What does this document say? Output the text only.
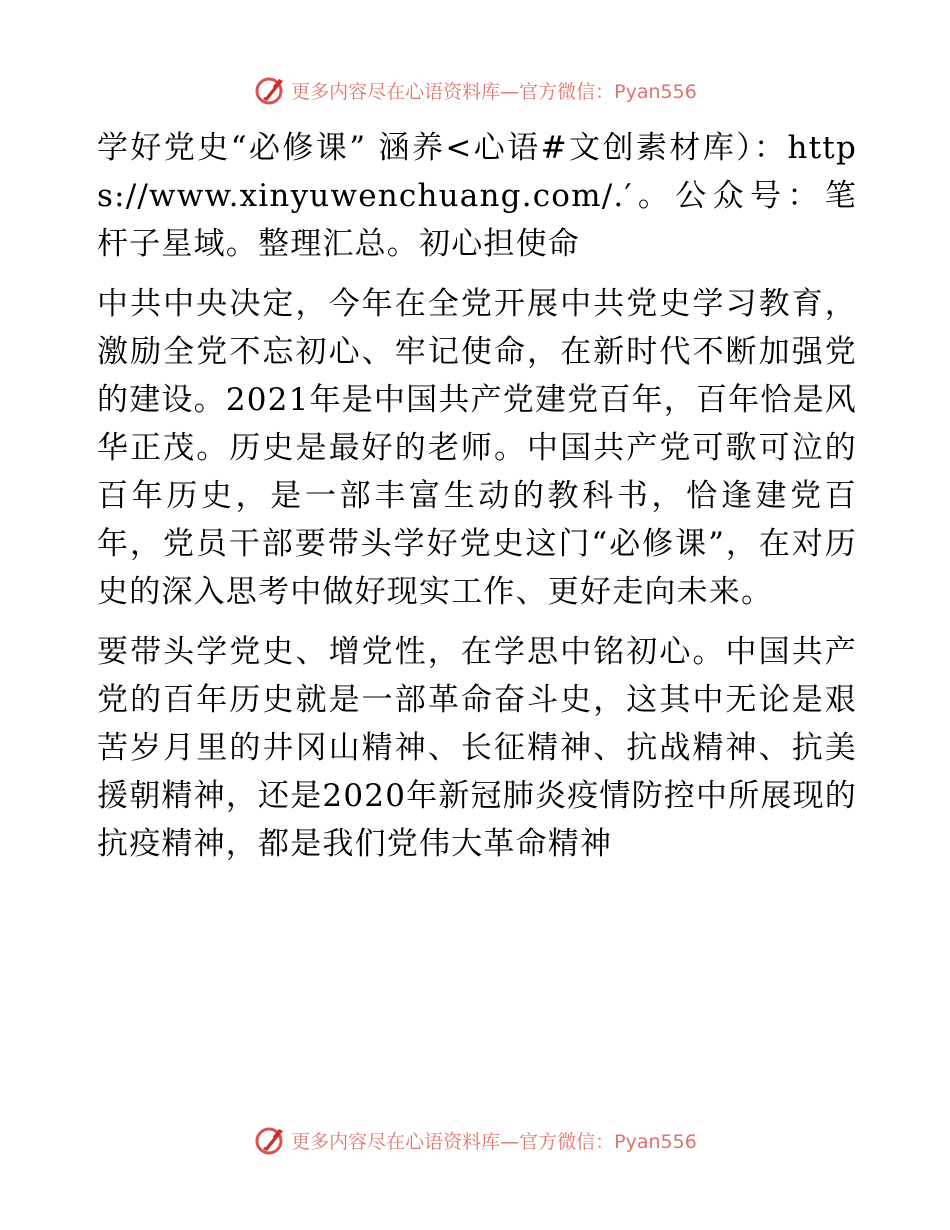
更多内容尽在心语资料库—官方微信：Pyan556

学好党史“必修课” 涵养<心语#文创素材库）：https://www.xinyuwenchuang.com/.′。公众号：笔杆子星域。整理汇总。初心担使命

中共中央决定，今年在全党开展中共党史学习教育，激励全党不忘初心、牢记使命，在新时代不断加强党的建设。2021年是中国共产党建党百年，百年恰是风华正茂。历史是最好的老师。中国共产党可歌可泣的百年历史，是一部丰富生动的教科书，恰逢建党百年，党员干部要带头学好党史这门“必修课”，在对历史的深入思考中做好现实工作、更好走向未来。

要带头学党史、增党性，在学思中铭初心。中国共产党的百年历史就是一部革命奋斗史，这其中无论是艰苦岁月里的井冈山精神、长征精神、抗战精神、抗美援朝精神，还是2020年新冠肺炎疫情防控中所展现的抗疫精神，都是我们党伟大革命精神

更多内容尽在心语资料库—官方微信：Pyan556
